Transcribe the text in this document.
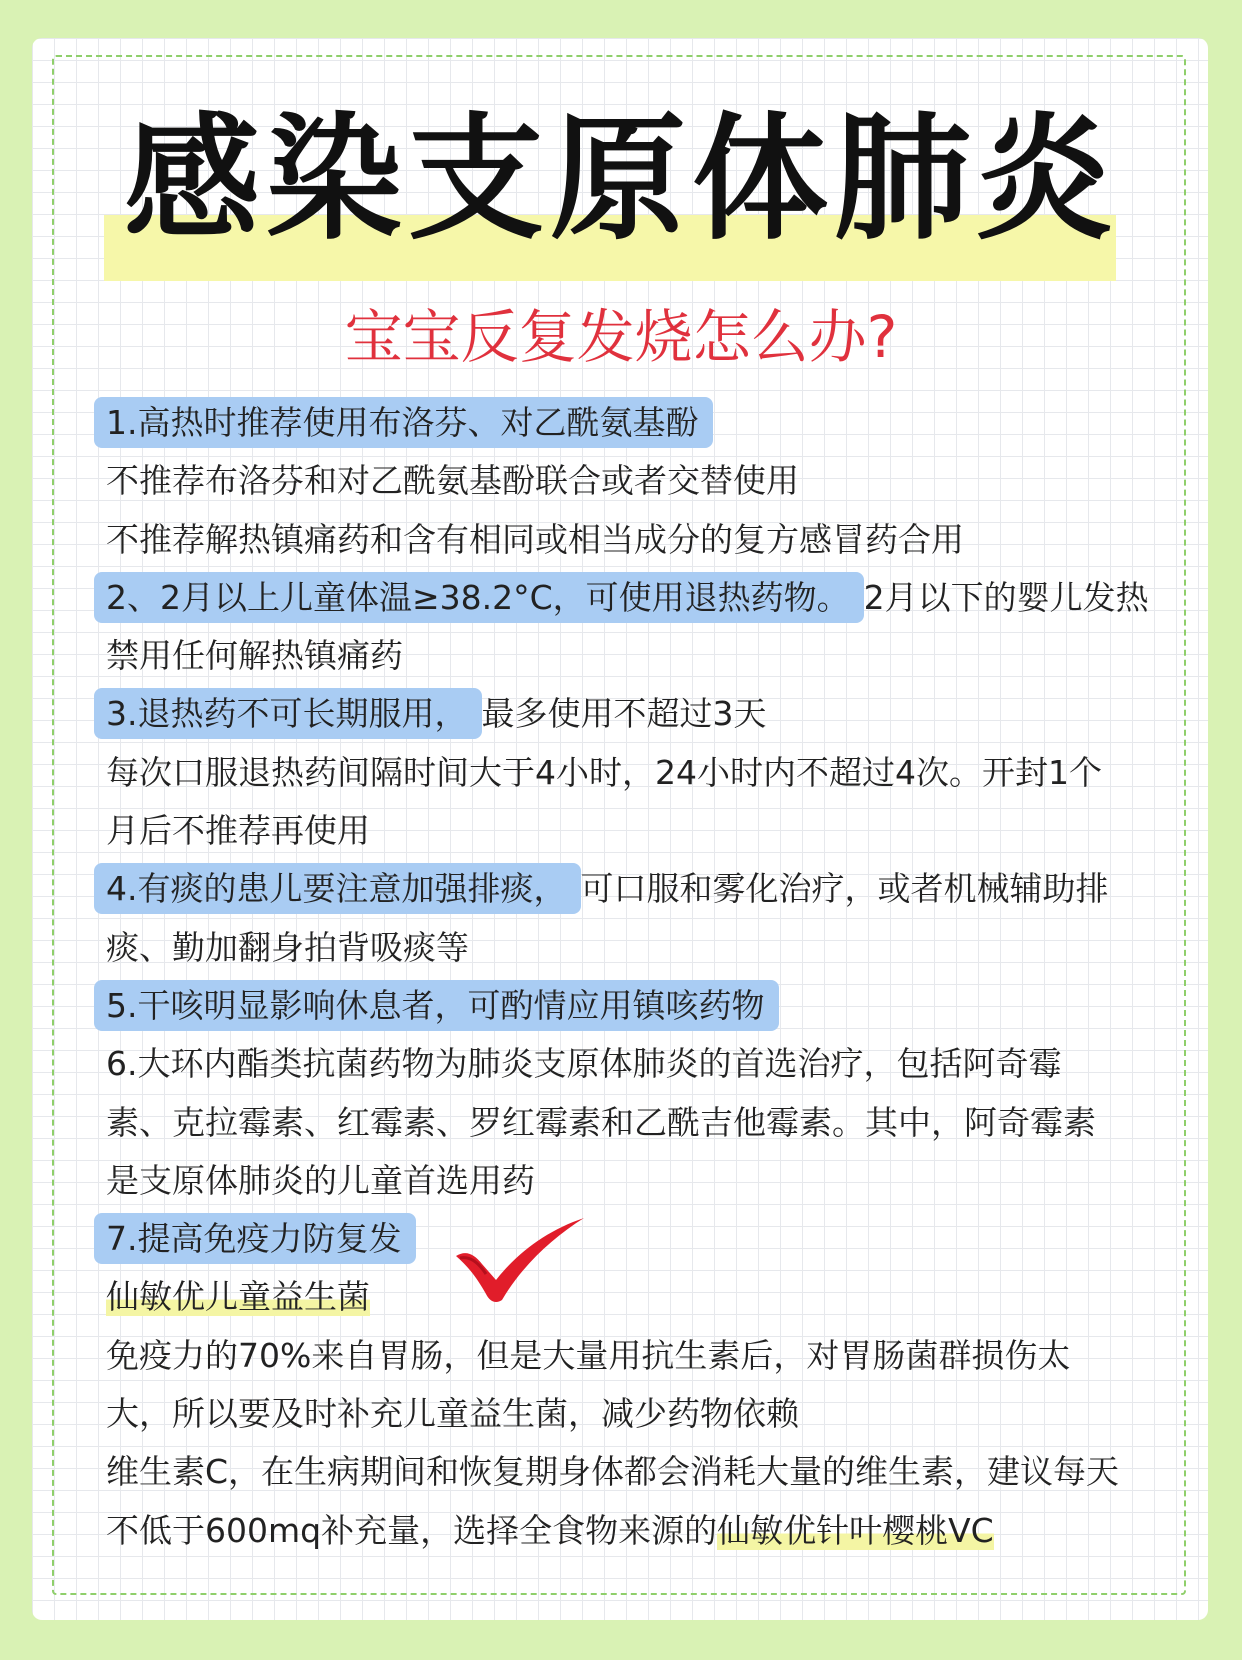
感染支原体肺炎
宝宝反复发烧怎么办?
1.高热时推荐使用布洛芬、对乙酰氨基酚
不推荐布洛芬和对乙酰氨基酚联合或者交替使用
不推荐解热镇痛药和含有相同或相当成分的复方感冒药合用
2、2月以上儿童体温≥38.2°C，可使用退热药物。 2月以下的婴儿发热
禁用任何解热镇痛药
3.退热药不可长期服用， 最多使用不超过3天
每次口服退热药间隔时间大于4小时，24小时内不超过4次。开封1个
月后不推荐再使用
4.有痰的患儿要注意加强排痰， 可口服和雾化治疗，或者机械辅助排
痰、勤加翻身拍背吸痰等
5.干咳明显影响休息者，可酌情应用镇咳药物
6.大环内酯类抗菌药物为肺炎支原体肺炎的首选治疗，包括阿奇霉
素、克拉霉素、红霉素、罗红霉素和乙酰吉他霉素。其中，阿奇霉素
是支原体肺炎的儿童首选用药
7.提高免疫力防复发
仙敏优儿童益生菌
免疫力的70%来自胃肠，但是大量用抗生素后，对胃肠菌群损伤太
大，所以要及时补充儿童益生菌，减少药物依赖
维生素C，在生病期间和恢复期身体都会消耗大量的维生素，建议每天
不低于600mq补充量，选择全食物来源的仙敏优针叶樱桃VC
